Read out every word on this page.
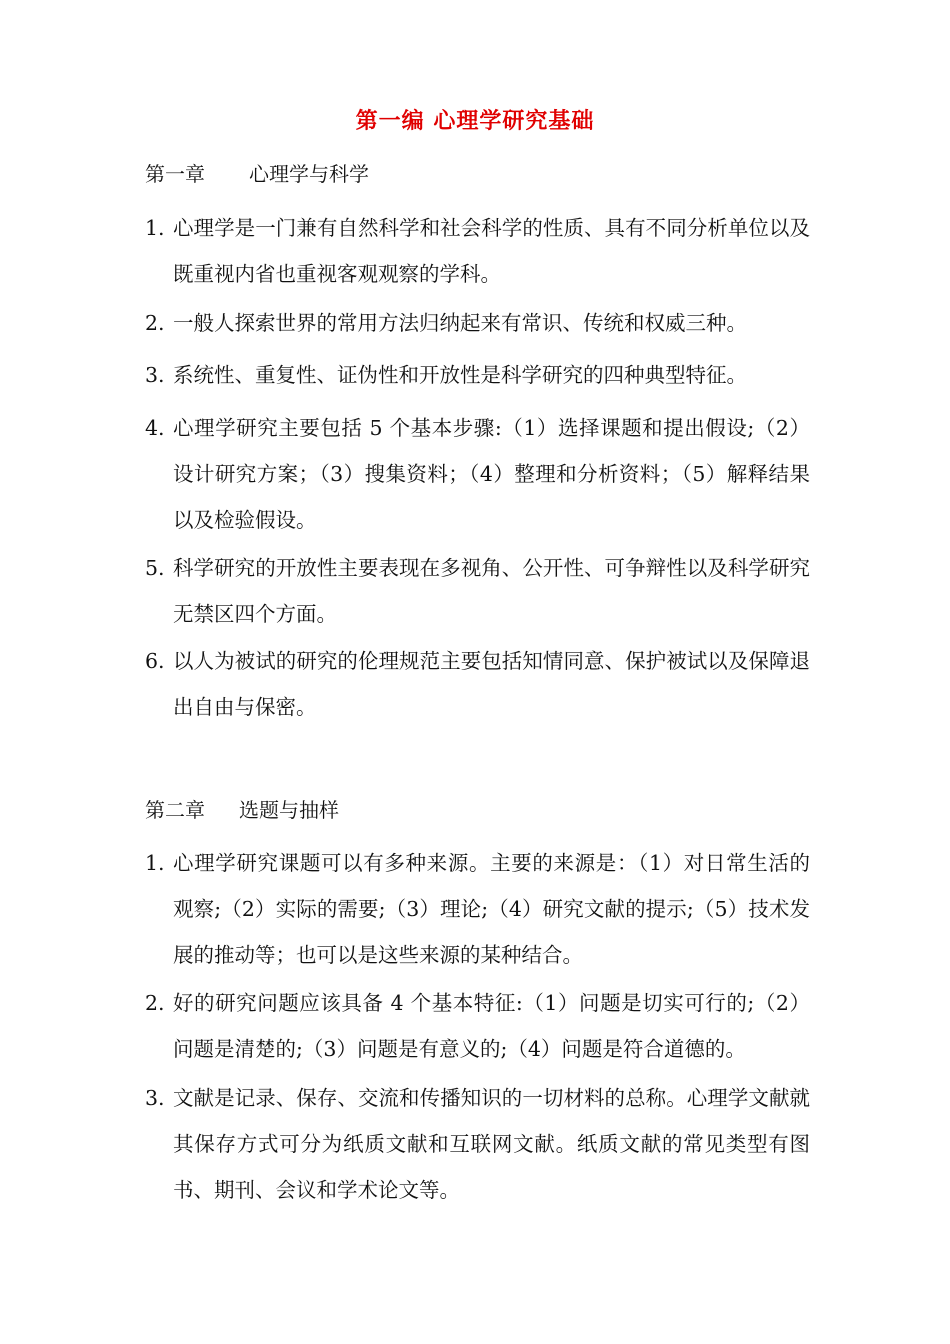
第一编 心理学研究基础
第一章 心理学与科学
1. 心理学是一门兼有自然科学和社会科学的性质、具有不同分析单位以及既重视内省也重视客观观察的学科。
2. 一般人探索世界的常用方法归纳起来有常识、传统和权威三种。
3. 系统性、重复性、证伪性和开放性是科学研究的四种典型特征。
4. 心理学研究主要包括 5 个基本步骤:（1）选择课题和提出假设;（2）设计研究方案；（3）搜集资料；（4）整理和分析资料；（5）解释结果以及检验假设。
5. 科学研究的开放性主要表现在多视角、公开性、可争辩性以及科学研究无禁区四个方面。
6. 以人为被试的研究的伦理规范主要包括知情同意、保护被试以及保障退出自由与保密。
第二章 选题与抽样
1. 心理学研究课题可以有多种来源。主要的来源是：（1）对日常生活的观察;（2）实际的需要;（3）理论;（4）研究文献的提示;（5）技术发展的推动等；也可以是这些来源的某种结合。
2. 好的研究问题应该具备 4 个基本特征:（1）问题是切实可行的;（2）问题是清楚的;（3）问题是有意义的;（4）问题是符合道德的。
3. 文献是记录、保存、交流和传播知识的一切材料的总称。心理学文献就其保存方式可分为纸质文献和互联网文献。纸质文献的常见类型有图书、期刊、会议和学术论文等。
